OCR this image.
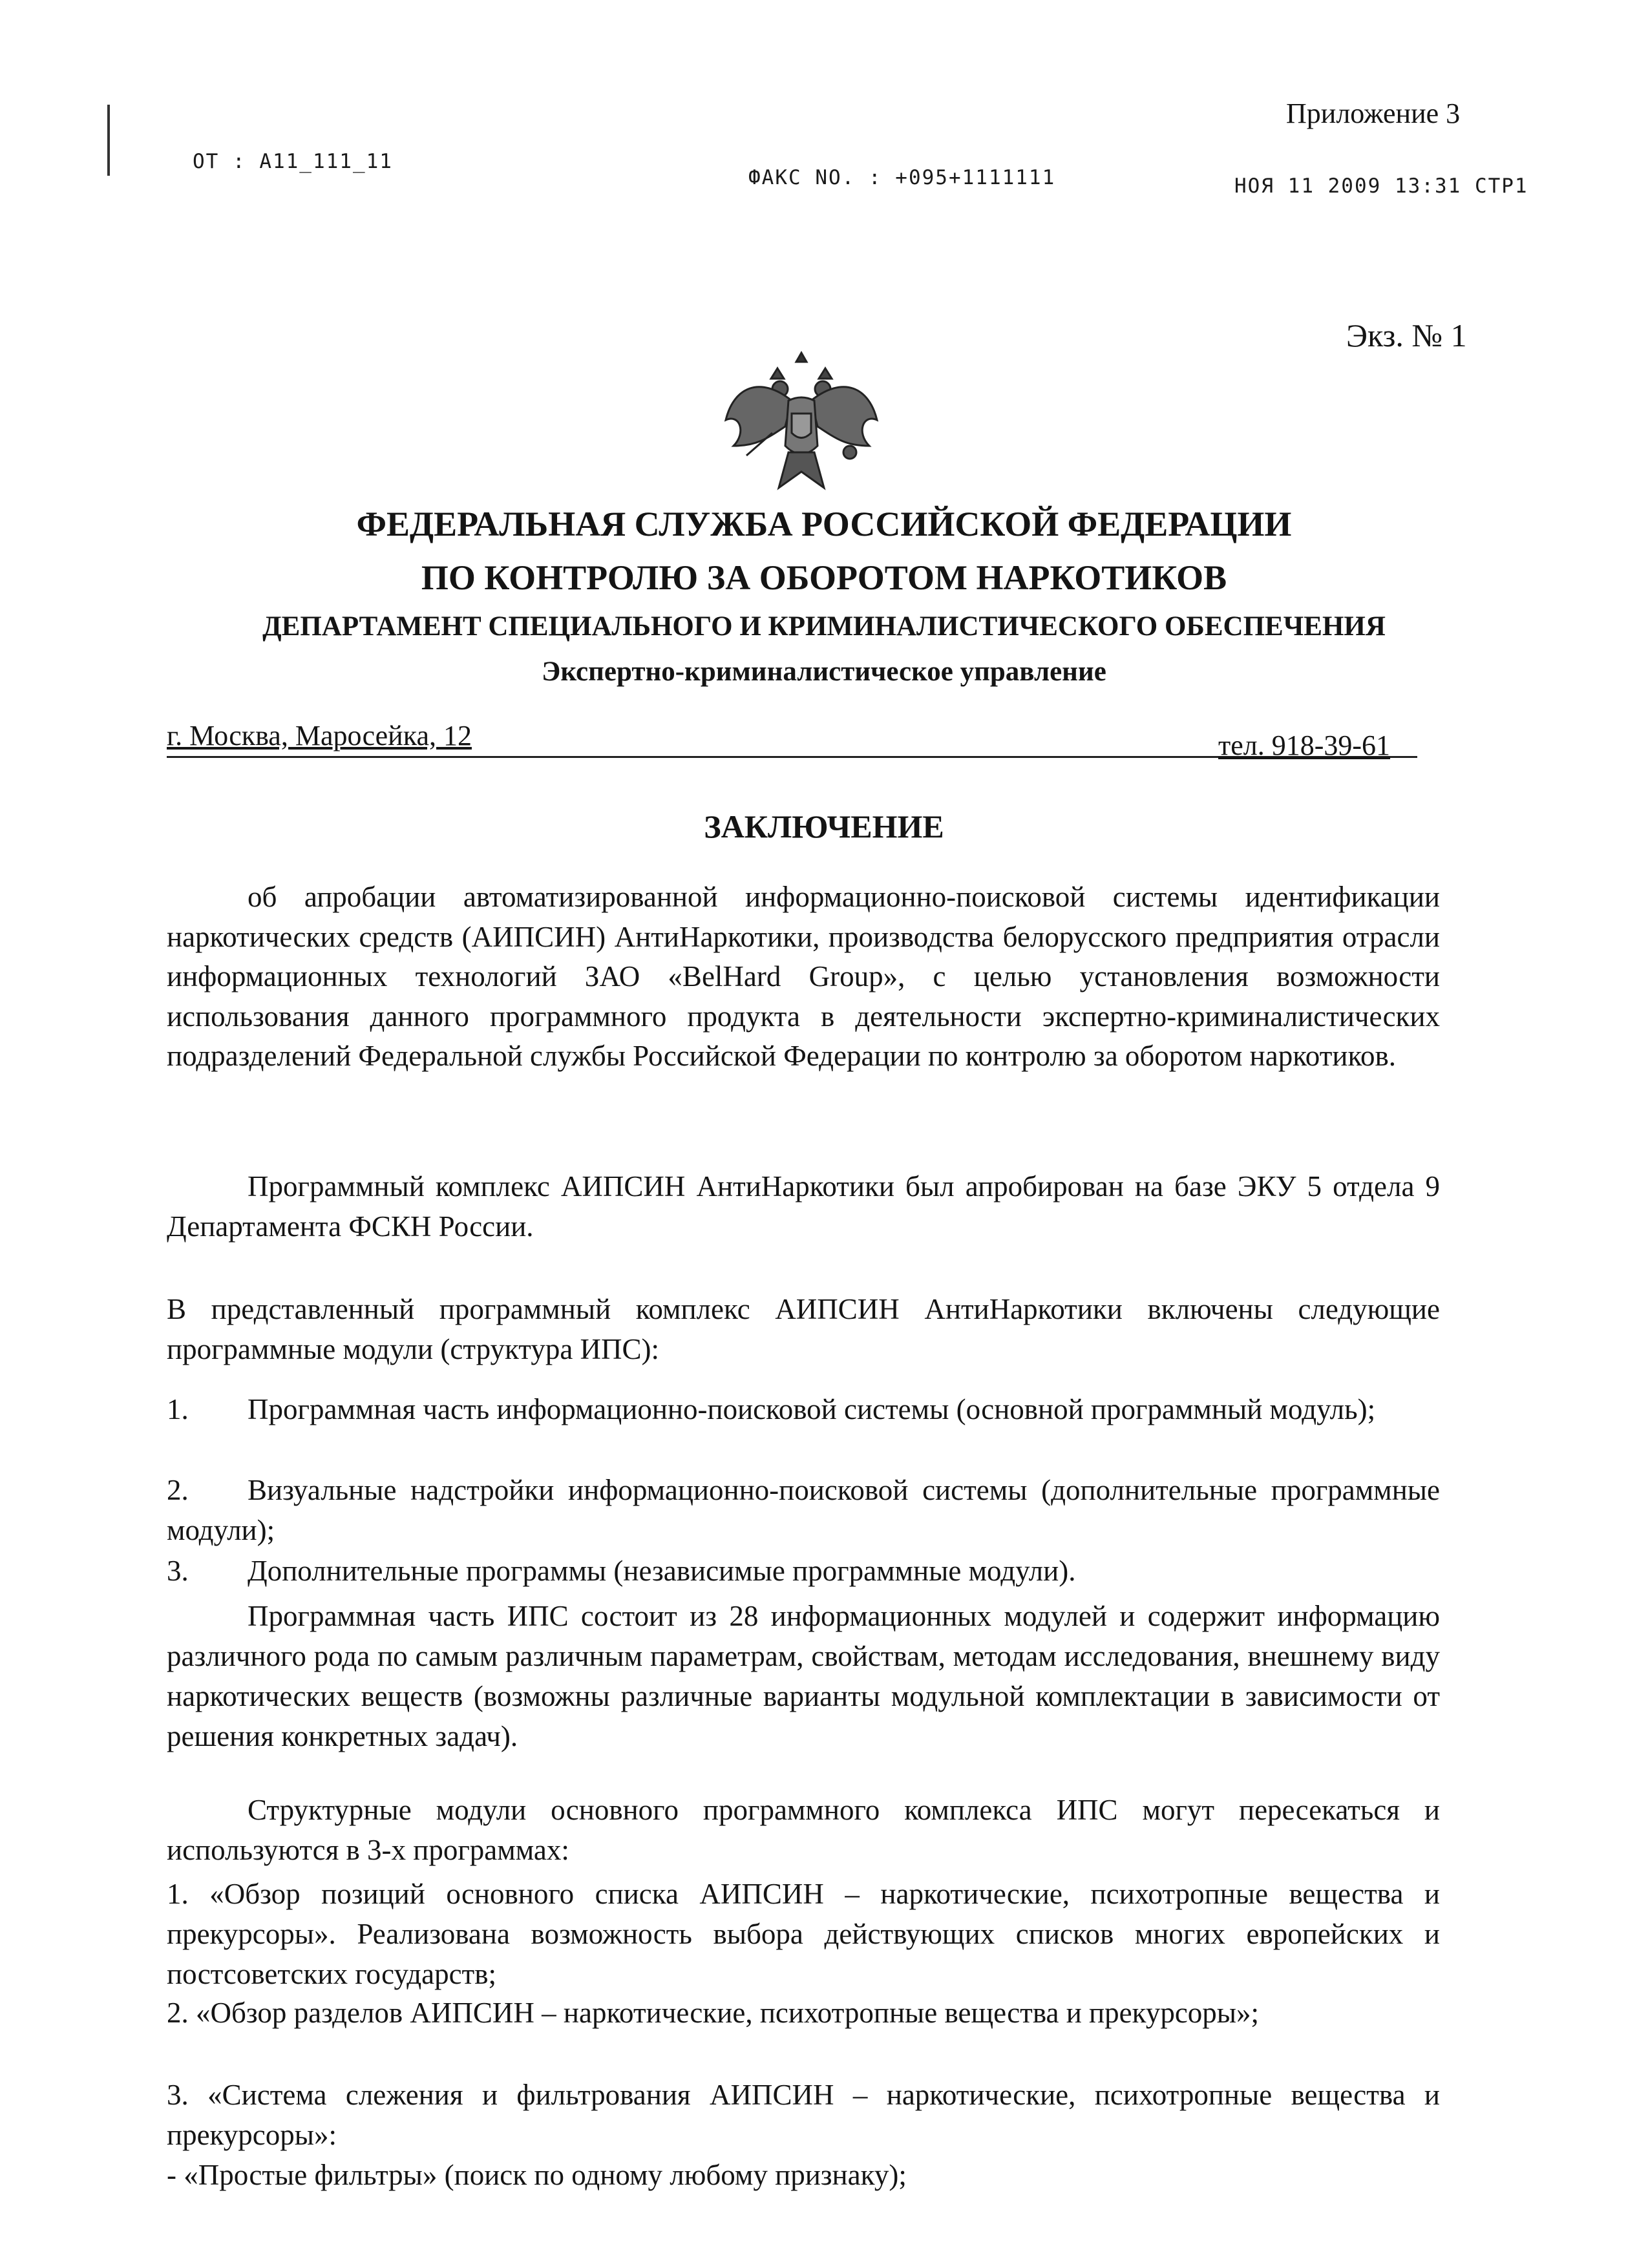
Приложение 3
ОТ : A11_111_11
ФАКС NO. : +095+1111111	НОЯ 11 2009 13:31 СТР1
Экз. № 1
ФЕДЕРАЛЬНАЯ СЛУЖБА РОССИЙСКОЙ ФЕДЕРАЦИИ
ПО КОНТРОЛЮ ЗА ОБОРОТОМ НАРКОТИКОВ
ДЕПАРТАМЕНТ СПЕЦИАЛЬНОГО И КРИМИНАЛИСТИЧЕСКОГО ОБЕСПЕЧЕНИЯ
Экспертно-криминалистическое управление
г. Москва, Маросейка, 12	тел. 918-39-61
ЗАКЛЮЧЕНИЕ
об апробации автоматизированной информационно-поисковой системы идентификации наркотических средств (АИПСИН) АнтиНаркотики, производства белорусского предприятия отрасли информационных технологий ЗАО «BelHard Group», с целью установления возможности использования данного программного продукта в деятельности экспертно-криминалистических подразделений Федеральной службы Российской Федерации по контролю за оборотом наркотиков.
Программный комплекс АИПСИН АнтиНаркотики был апробирован на базе ЭКУ 5 отдела 9 Департамента ФСКН России.
В представленный программный комплекс АИПСИН АнтиНаркотики включены следующие программные модули (структура ИПС):
1. Программная часть информационно-поисковой системы (основной программный модуль);
2. Визуальные надстройки информационно-поисковой системы (дополнительные программные модули);
3. Дополнительные программы (независимые программные модули).
Программная часть ИПС состоит из 28 информационных модулей и содержит информацию различного рода по самым различным параметрам, свойствам, методам исследования, внешнему виду наркотических веществ (возможны различные варианты модульной комплектации в зависимости от решения конкретных задач).
Структурные модули основного программного комплекса ИПС могут пересекаться и используются в 3-х программах:
1. «Обзор позиций основного списка АИПСИН – наркотические, психотропные вещества и прекурсоры». Реализована возможность выбора действующих списков многих европейских и постсоветских государств;
2. «Обзор разделов АИПСИН – наркотические, психотропные вещества и прекурсоры»;
3. «Система слежения и фильтрования АИПСИН – наркотические, психотропные вещества и прекурсоры»:
- «Простые фильтры» (поиск по одному любому признаку);
